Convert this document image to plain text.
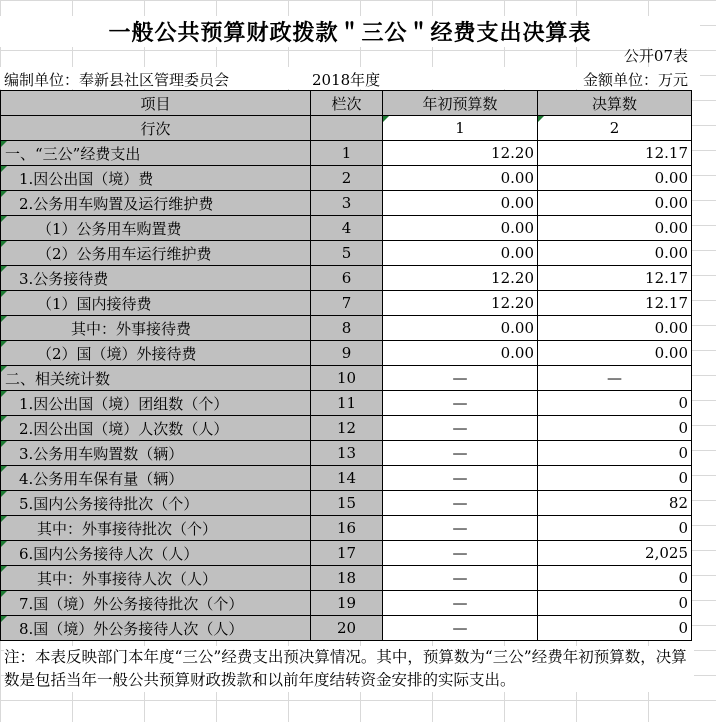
一般公共预算财政拨款＂三公＂经费支出决算表
公开07表
编制单位：奉新县社区管理委员会	2018年度	金额单位：万元
项目	栏次	年初预算数	决算数
行次		1	2
一、“三公”经费支出	1	12.20	12.17
1.因公出国（境）费	2	0.00	0.00
2.公务用车购置及运行维护费	3	0.00	0.00
（1）公务用车购置费	4	0.00	0.00
（2）公务用车运行维护费	5	0.00	0.00
3.公务接待费	6	12.20	12.17
（1）国内接待费	7	12.20	12.17
其中：外事接待费	8	0.00	0.00
（2）国（境）外接待费	9	0.00	0.00
二、相关统计数	10	—	—
1.因公出国（境）团组数（个）	11	—	0
2.因公出国（境）人次数（人）	12	—	0
3.公务用车购置数（辆）	13	—	0
4.公务用车保有量（辆）	14	—	0
5.国内公务接待批次（个）	15	—	82
其中：外事接待批次（个）	16	—	0
6.国内公务接待人次（人）	17	—	2,025
其中：外事接待人次（人）	18	—	0
7.国（境）外公务接待批次（个）	19	—	0
8.国（境）外公务接待人次（人）	20	—	0
注：本表反映部门本年度“三公”经费支出预决算情况。其中，预算数为“三公”经费年初预算数，决算数是包括当年一般公共预算财政拨款和以前年度结转资金安排的实际支出。
